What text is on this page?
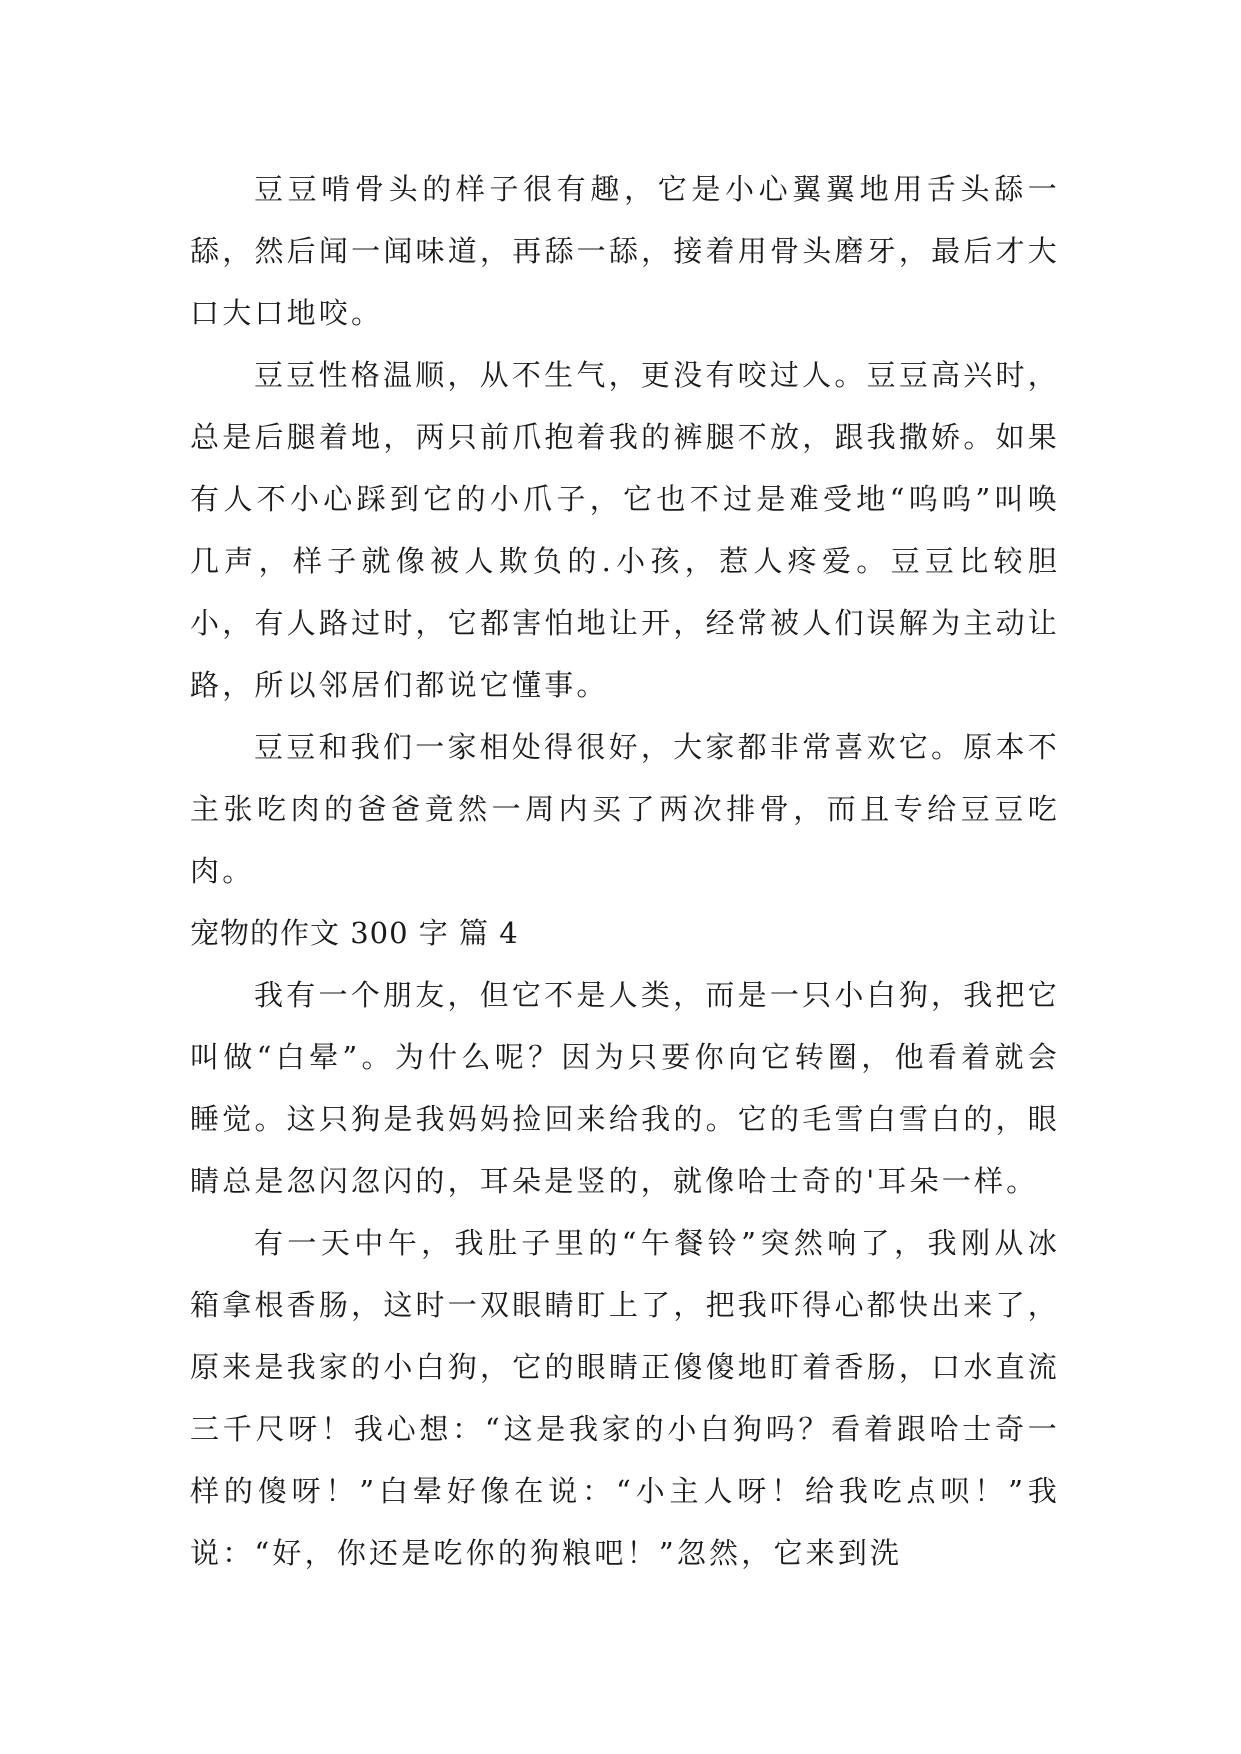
豆豆啃骨头的样子很有趣，它是小心翼翼地用舌头舔一舔，然后闻一闻味道，再舔一舔，接着用骨头磨牙，最后才大口大口地咬。

豆豆性格温顺，从不生气，更没有咬过人。豆豆高兴时，总是后腿着地，两只前爪抱着我的裤腿不放，跟我撒娇。如果有人不小心踩到它的小爪子，它也不过是难受地“呜呜”叫唤几声，样子就像被人欺负的.小孩，惹人疼爱。豆豆比较胆小，有人路过时，它都害怕地让开，经常被人们误解为主动让路，所以邻居们都说它懂事。

豆豆和我们一家相处得很好，大家都非常喜欢它。原本不主张吃肉的爸爸竟然一周内买了两次排骨，而且专给豆豆吃肉。

宠物的作文 300 字 篇 4

我有一个朋友，但它不是人类，而是一只小白狗，我把它叫做“白晕”。为什么呢？因为只要你向它转圈，他看着就会睡觉。这只狗是我妈妈捡回来给我的。它的毛雪白雪白的，眼睛总是忽闪忽闪的，耳朵是竖的，就像哈士奇的'耳朵一样。

有一天中午，我肚子里的“午餐铃”突然响了，我刚从冰箱拿根香肠，这时一双眼睛盯上了，把我吓得心都快出来了，原来是我家的小白狗，它的眼睛正傻傻地盯着香肠，口水直流三千尺呀！我心想：“这是我家的小白狗吗？看着跟哈士奇一样的傻呀！”白晕好像在说：“小主人呀！给我吃点呗！”我说：“好，你还是吃你的狗粮吧！”忽然，它来到洗
